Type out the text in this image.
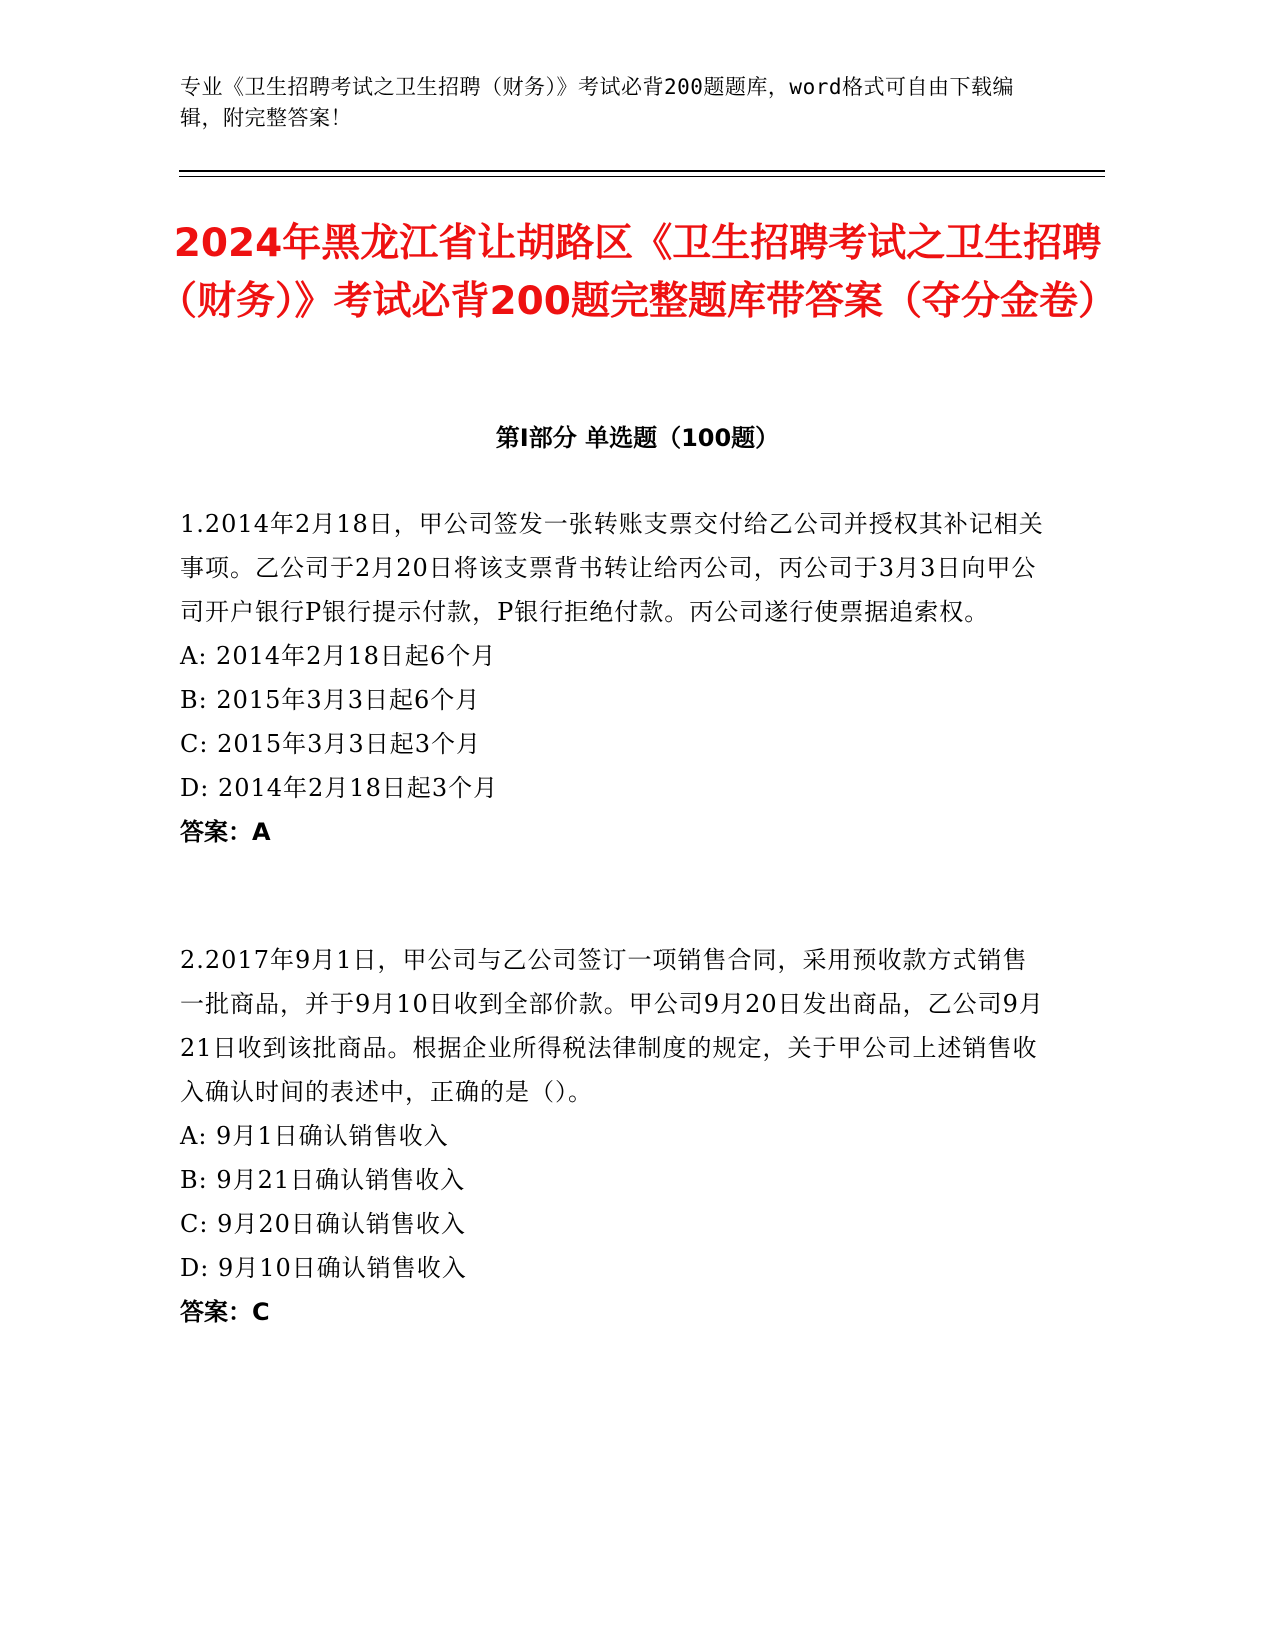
专业《卫生招聘考试之卫生招聘（财务）》考试必背200题题库，word格式可自由下载编辑，附完整答案！
2024年黑龙江省让胡路区《卫生招聘考试之卫生招聘（财务）》考试必背200题完整题库带答案（夺分金卷）
第Ⅰ部分 单选题（100题）

1.2014年2月18日，甲公司签发一张转账支票交付给乙公司并授权其补记相关事项。乙公司于2月20日将该支票背书转让给丙公司，丙公司于3月3日向甲公司开户银行P银行提示付款，P银行拒绝付款。丙公司遂行使票据追索权。

A: 2014年2月18日起6个月

B: 2015年3月3日起6个月

C: 2015年3月3日起3个月

D: 2014年2月18日起3个月

答案：A

2.2017年9月1日，甲公司与乙公司签订一项销售合同，采用预收款方式销售一批商品，并于9月10日收到全部价款。甲公司9月20日发出商品，乙公司9月21日收到该批商品。根据企业所得税法律制度的规定，关于甲公司上述销售收入确认时间的表述中，正确的是（）。

A: 9月1日确认销售收入

B: 9月21日确认销售收入

C: 9月20日确认销售收入

D: 9月10日确认销售收入

答案：C
